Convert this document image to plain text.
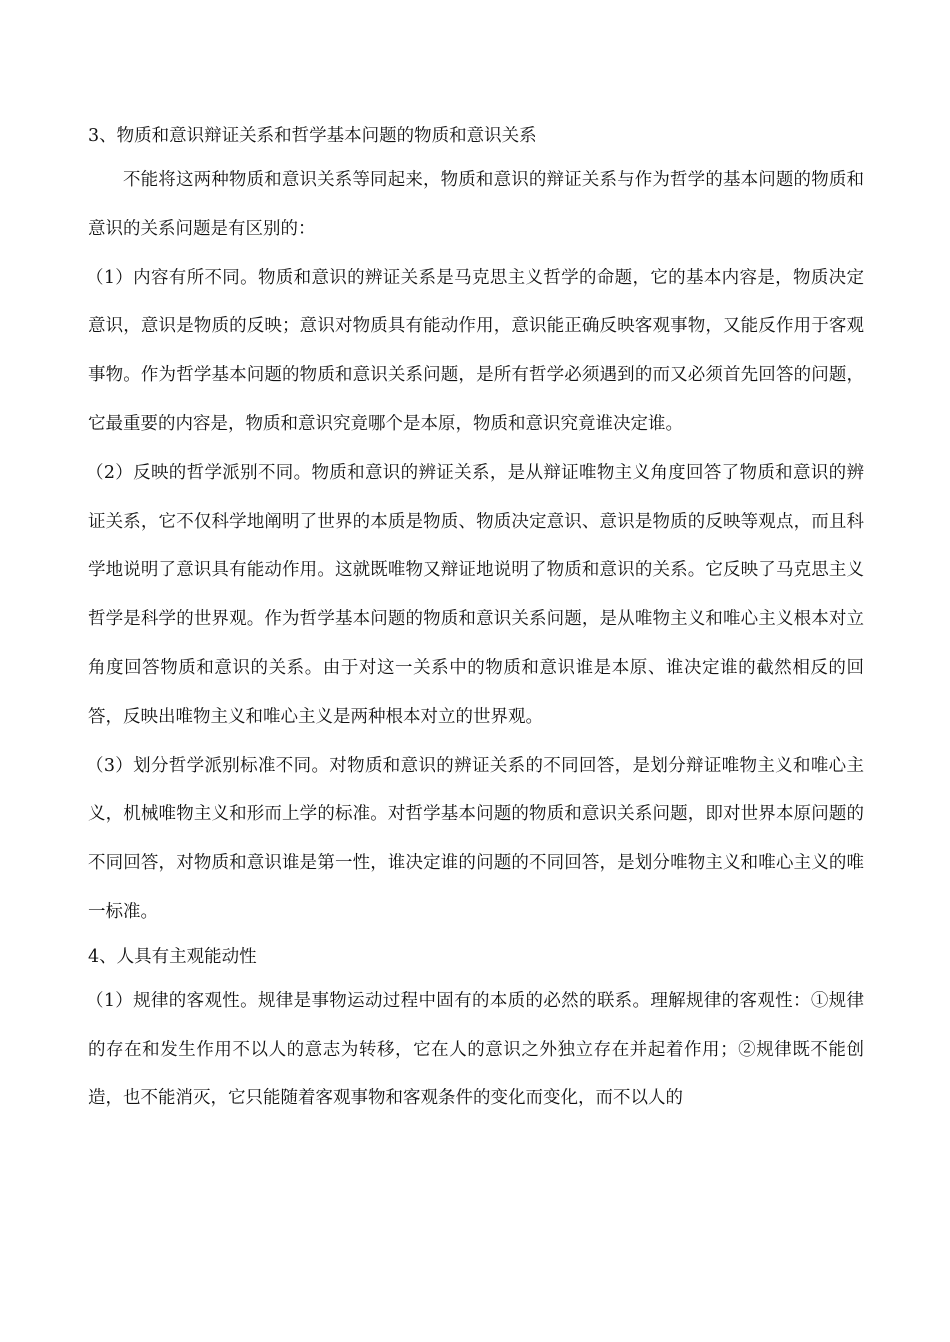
3、物质和意识辩证关系和哲学基本问题的物质和意识关系

不能将这两种物质和意识关系等同起来，物质和意识的辩证关系与作为哲学的基本问题的物质和意识的关系问题是有区别的：

（1）内容有所不同。物质和意识的辨证关系是马克思主义哲学的命题，它的基本内容是，物质决定意识，意识是物质的反映；意识对物质具有能动作用，意识能正确反映客观事物，又能反作用于客观事物。作为哲学基本问题的物质和意识关系问题，是所有哲学必须遇到的而又必须首先回答的问题，它最重要的内容是，物质和意识究竟哪个是本原，物质和意识究竟谁决定谁。

（2）反映的哲学派别不同。物质和意识的辨证关系，是从辩证唯物主义角度回答了物质和意识的辨证关系，它不仅科学地阐明了世界的本质是物质、物质决定意识、意识是物质的反映等观点，而且科学地说明了意识具有能动作用。这就既唯物又辩证地说明了物质和意识的关系。它反映了马克思主义哲学是科学的世界观。作为哲学基本问题的物质和意识关系问题，是从唯物主义和唯心主义根本对立角度回答物质和意识的关系。由于对这一关系中的物质和意识谁是本原、谁决定谁的截然相反的回答，反映出唯物主义和唯心主义是两种根本对立的世界观。

（3）划分哲学派别标准不同。对物质和意识的辨证关系的不同回答，是划分辩证唯物主义和唯心主义，机械唯物主义和形而上学的标准。对哲学基本问题的物质和意识关系问题，即对世界本原问题的不同回答，对物质和意识谁是第一性，谁决定谁的问题的不同回答，是划分唯物主义和唯心主义的唯一标准。

4、人具有主观能动性

（1）规律的客观性。规律是事物运动过程中固有的本质的必然的联系。理解规律的客观性：①规律的存在和发生作用不以人的意志为转移，它在人的意识之外独立存在并起着作用；②规律既不能创造，也不能消灭，它只能随着客观事物和客观条件的变化而变化，而不以人的
